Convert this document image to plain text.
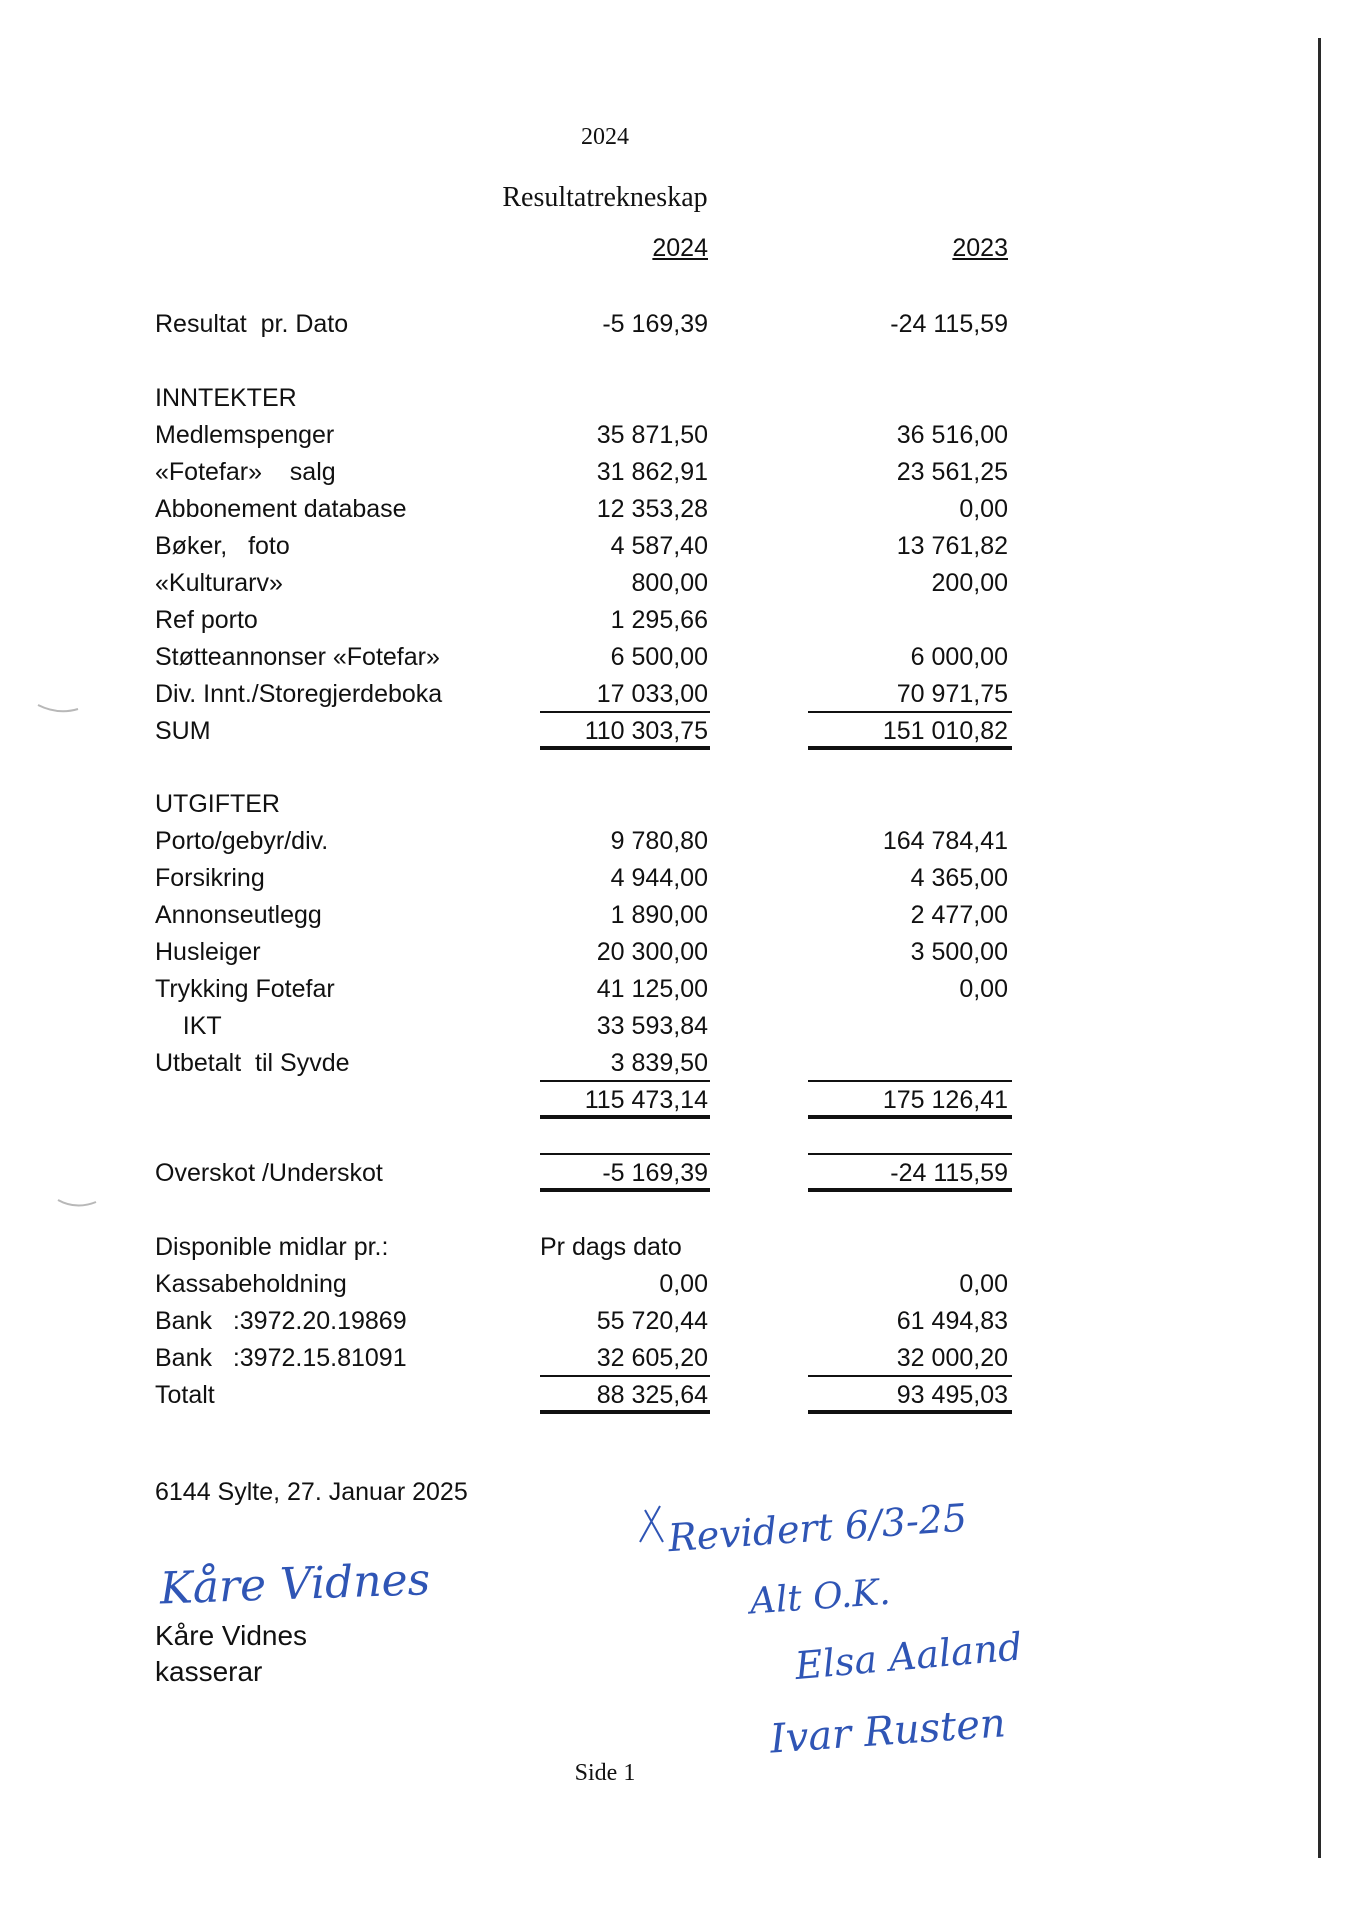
2024
Resultatrekneskap
2024	2023
Resultat  pr. Dato	-5 169,39	-24 115,59
INNTEKTER
Medlemspenger	35 871,50	36 516,00
«Fotefar»    salg	31 862,91	23 561,25
Abbonement database	12 353,28	0,00
Bøker,   foto	4 587,40	13 761,82
«Kulturarv»	800,00	200,00
Ref porto	1 295,66
Støtteannonser «Fotefar»	6 500,00	6 000,00
Div. Innt./Storegjerdeboka	17 033,00	70 971,75
SUM	110 303,75	151 010,82
UTGIFTER
Porto/gebyr/div.	9 780,80	164 784,41
Forsikring	4 944,00	4 365,00
Annonseutlegg	1 890,00	2 477,00
Husleiger	20 300,00	3 500,00
Trykking Fotefar	41 125,00	0,00
IKT	33 593,84
Utbetalt  til Syvde	3 839,50
115 473,14	175 126,41
Overskot /Underskot	-5 169,39	-24 115,59
Disponible midlar pr.:	Pr dags dato
Kassabeholdning	0,00	0,00
Bank   :3972.20.19869	55 720,44	61 494,83
Bank   :3972.15.81091	32 605,20	32 000,20
Totalt	88 325,64	93 495,03
6144 Sylte, 27. Januar 2025
Kåre Vidnes
Revidert 6/3-25
Alt O.K.
Elsa Aaland
Ivar Rusten
Kåre Vidnes
kasserar
Side 1
